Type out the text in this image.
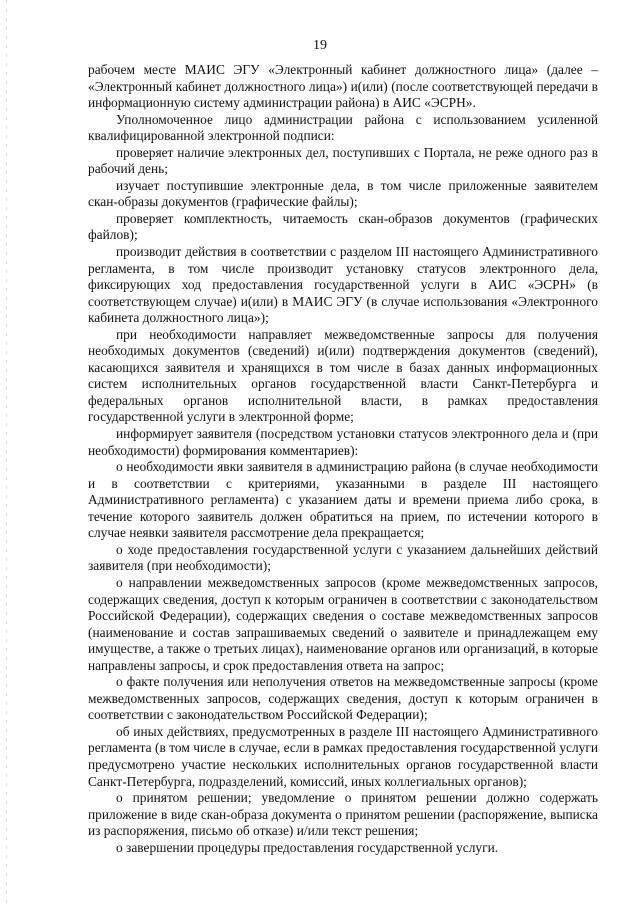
19

рабочем месте МАИС ЭГУ «Электронный кабинет должностного лица» (далее – «Электронный кабинет должностного лица») и(или) (после соответствующей передачи в информационную систему администрации района) в АИС «ЭСРН».

Уполномоченное лицо администрации района с использованием усиленной квалифицированной электронной подписи:

проверяет наличие электронных дел, поступивших с Портала, не реже одного раз в рабочий день;

изучает поступившие электронные дела, в том числе приложенные заявителем скан-образы документов (графические файлы);

проверяет комплектность, читаемость скан-образов документов (графических файлов);

производит действия в соответствии с разделом III настоящего Административного регламента, в том числе производит установку статусов электронного дела, фиксирующих ход предоставления государственной услуги в АИС «ЭСРН» (в соответствующем случае) и(или) в МАИС ЭГУ (в случае использования «Электронного кабинета должностного лица»);

при необходимости направляет межведомственные запросы для получения необходимых документов (сведений) и(или) подтверждения документов (сведений), касающихся заявителя и хранящихся в том числе в базах данных информационных систем исполнительных органов государственной власти Санкт-Петербурга и федеральных органов исполнительной власти, в рамках предоставления государственной услуги в электронной форме;

информирует заявителя (посредством установки статусов электронного дела и (при необходимости) формирования комментариев):

о необходимости явки заявителя в администрацию района (в случае необходимости и в соответствии с критериями, указанными в разделе III настоящего Административного регламента) с указанием даты и времени приема либо срока, в течение которого заявитель должен обратиться на прием, по истечении которого в случае неявки заявителя рассмотрение дела прекращается;

о ходе предоставления государственной услуги с указанием дальнейших действий заявителя (при необходимости);

о направлении межведомственных запросов (кроме межведомственных запросов, содержащих сведения, доступ к которым ограничен в соответствии с законодательством Российской Федерации), содержащих сведения о составе межведомственных запросов (наименование и состав запрашиваемых сведений о заявителе и принадлежащем ему имуществе, а также о третьих лицах), наименование органов или организаций, в которые направлены запросы, и срок предоставления ответа на запрос;

о факте получения или неполучения ответов на межведомственные запросы (кроме межведомственных запросов, содержащих сведения, доступ к которым ограничен в соответствии с законодательством Российской Федерации);

об иных действиях, предусмотренных в разделе III настоящего Административного регламента (в том числе в случае, если в рамках предоставления государственной услуги предусмотрено участие нескольких исполнительных органов государственной власти Санкт-Петербурга, подразделений, комиссий, иных коллегиальных органов);

о принятом решении; уведомление о принятом решении должно содержать приложение в виде скан-образа документа о принятом решении (распоряжение, выписка из распоряжения, письмо об отказе) и/или текст решения;

о завершении процедуры предоставления государственной услуги.
